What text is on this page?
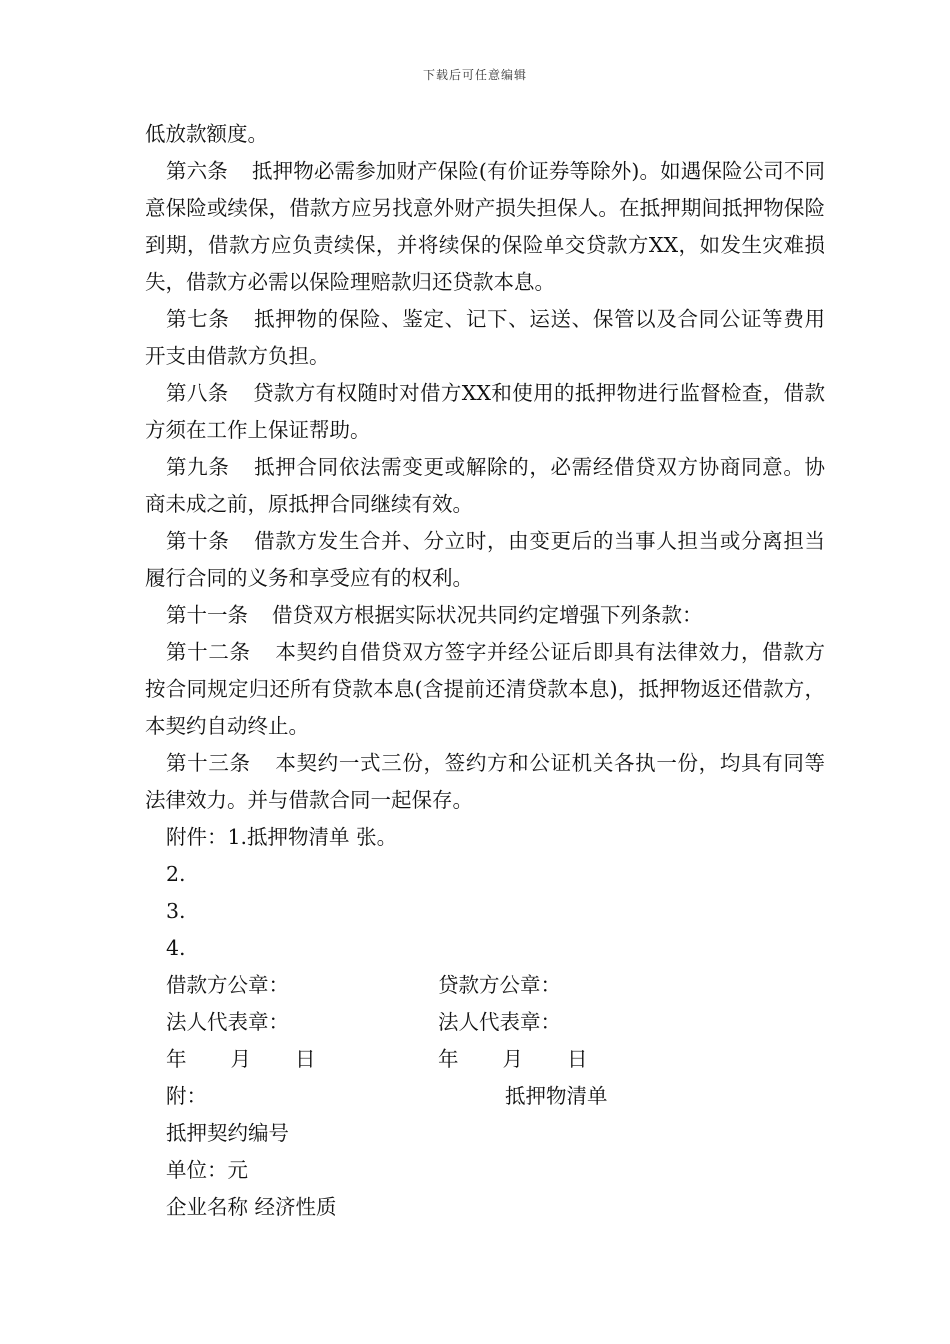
下载后可任意编辑

低放款额度。

第六条 抵押物必需参加财产保险(有价证券等除外)。如遇保险公司不同意保险或续保，借款方应另找意外财产损失担保人。在抵押期间抵押物保险到期，借款方应负责续保，并将续保的保险单交贷款方XX，如发生灾难损失，借款方必需以保险理赔款归还贷款本息。

第七条 抵押物的保险、鉴定、记下、运送、保管以及合同公证等费用开支由借款方负担。

第八条 贷款方有权随时对借方XX和使用的抵押物进行监督检查，借款方须在工作上保证帮助。

第九条 抵押合同依法需变更或解除的，必需经借贷双方协商同意。协商未成之前，原抵押合同继续有效。

第十条 借款方发生合并、分立时，由变更后的当事人担当或分离担当履行合同的义务和享受应有的权利。

第十一条 借贷双方根据实际状况共同约定增强下列条款：

第十二条 本契约自借贷双方签字并经公证后即具有法律效力，借款方按合同规定归还所有贷款本息(含提前还清贷款本息)，抵押物返还借款方，本契约自动终止。

第十三条 本契约一式三份，签约方和公证机关各执一份，均具有同等法律效力。并与借款合同一起保存。

附件：1.抵押物清单 张。

2.

3.

4.

借款方公章：	贷款方公章：
法人代表章：	法人代表章：
年 月 日	年 月 日
附：	抵押物清单

抵押契约编号

单位：元

企业名称 经济性质
